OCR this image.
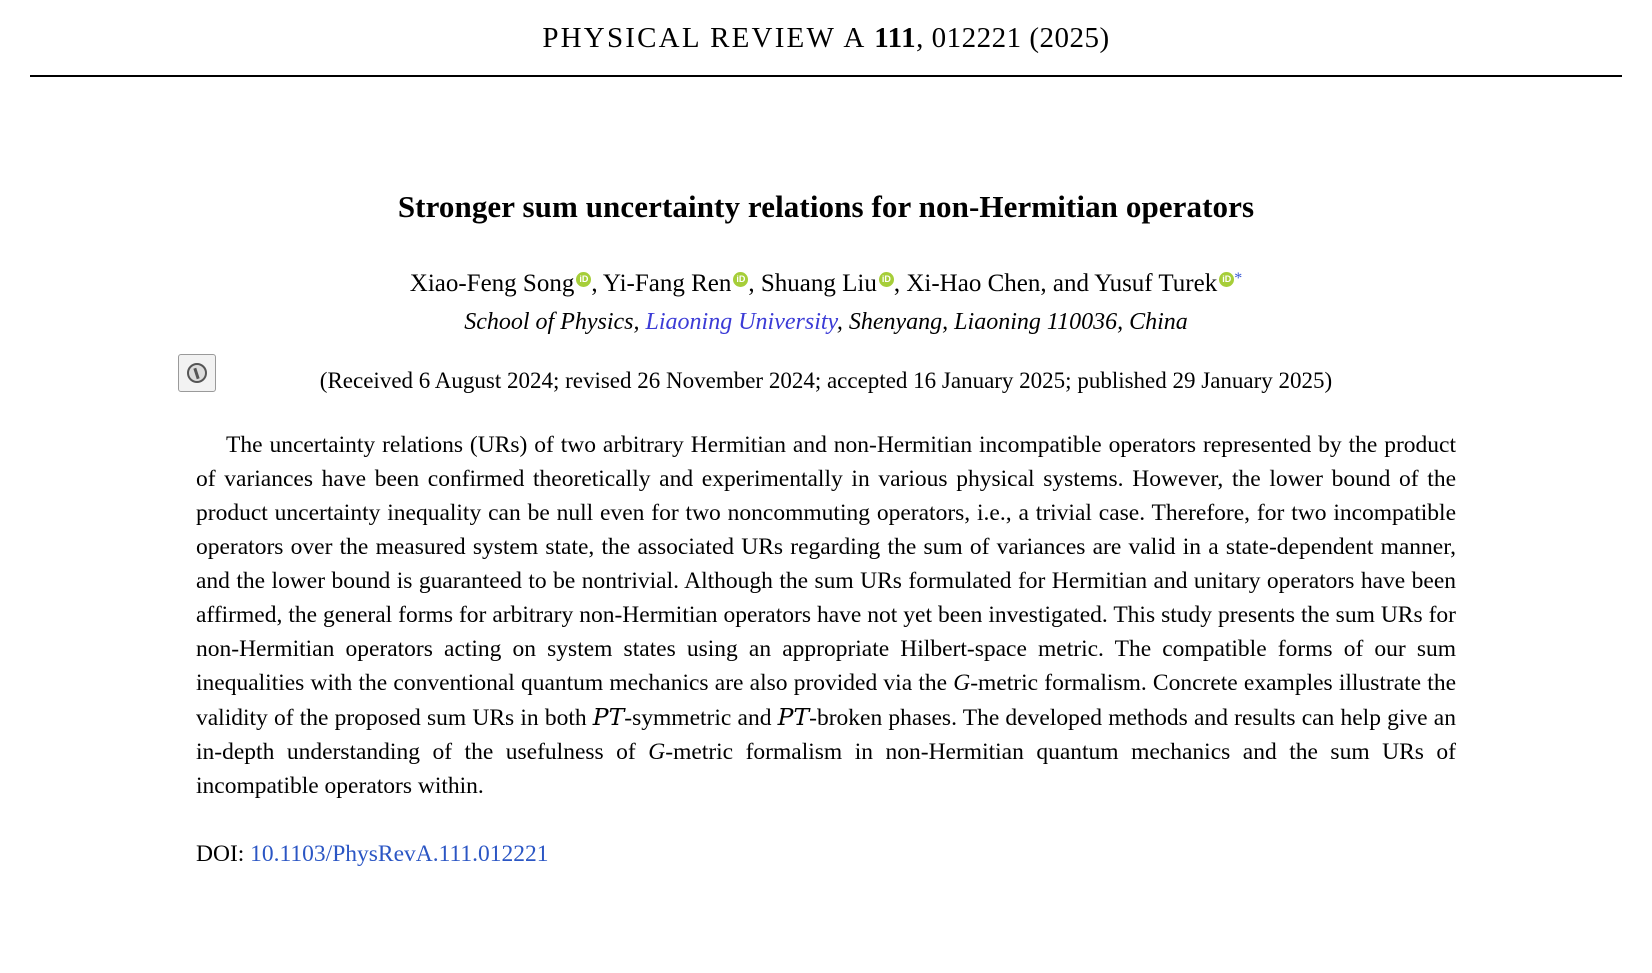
PHYSICAL REVIEW A 111, 012221 (2025)
Stronger sum uncertainty relations for non-Hermitian operators
Xiao-Feng Song iD , Yi-Fang Ren iD , Shuang Liu iD , Xi-Hao Chen, and Yusuf Turek iD *
School of Physics, Liaoning University, Shenyang, Liaoning 110036, China
(Received 6 August 2024; revised 26 November 2024; accepted 16 January 2025; published 29 January 2025)

The uncertainty relations (URs) of two arbitrary Hermitian and non-Hermitian incompatible operators represented by the product of variances have been confirmed theoretically and experimentally in various physical systems. However, the lower bound of the product uncertainty inequality can be null even for two noncommuting operators, i.e., a trivial case. Therefore, for two incompatible operators over the measured system state, the associated URs regarding the sum of variances are valid in a state-dependent manner, and the lower bound is guaranteed to be nontrivial. Although the sum URs formulated for Hermitian and unitary operators have been affirmed, the general forms for arbitrary non-Hermitian operators have not yet been investigated. This study presents the sum URs for non-Hermitian operators acting on system states using an appropriate Hilbert-space metric. The compatible forms of our sum inequalities with the conventional quantum mechanics are also provided via the G-metric formalism. Concrete examples illustrate the validity of the proposed sum URs in both PT-symmetric and PT-broken phases. The developed methods and results can help give an in-depth understanding of the usefulness of G-metric formalism in non-Hermitian quantum mechanics and the sum URs of incompatible operators within.

DOI: 10.1103/PhysRevA.111.012221
